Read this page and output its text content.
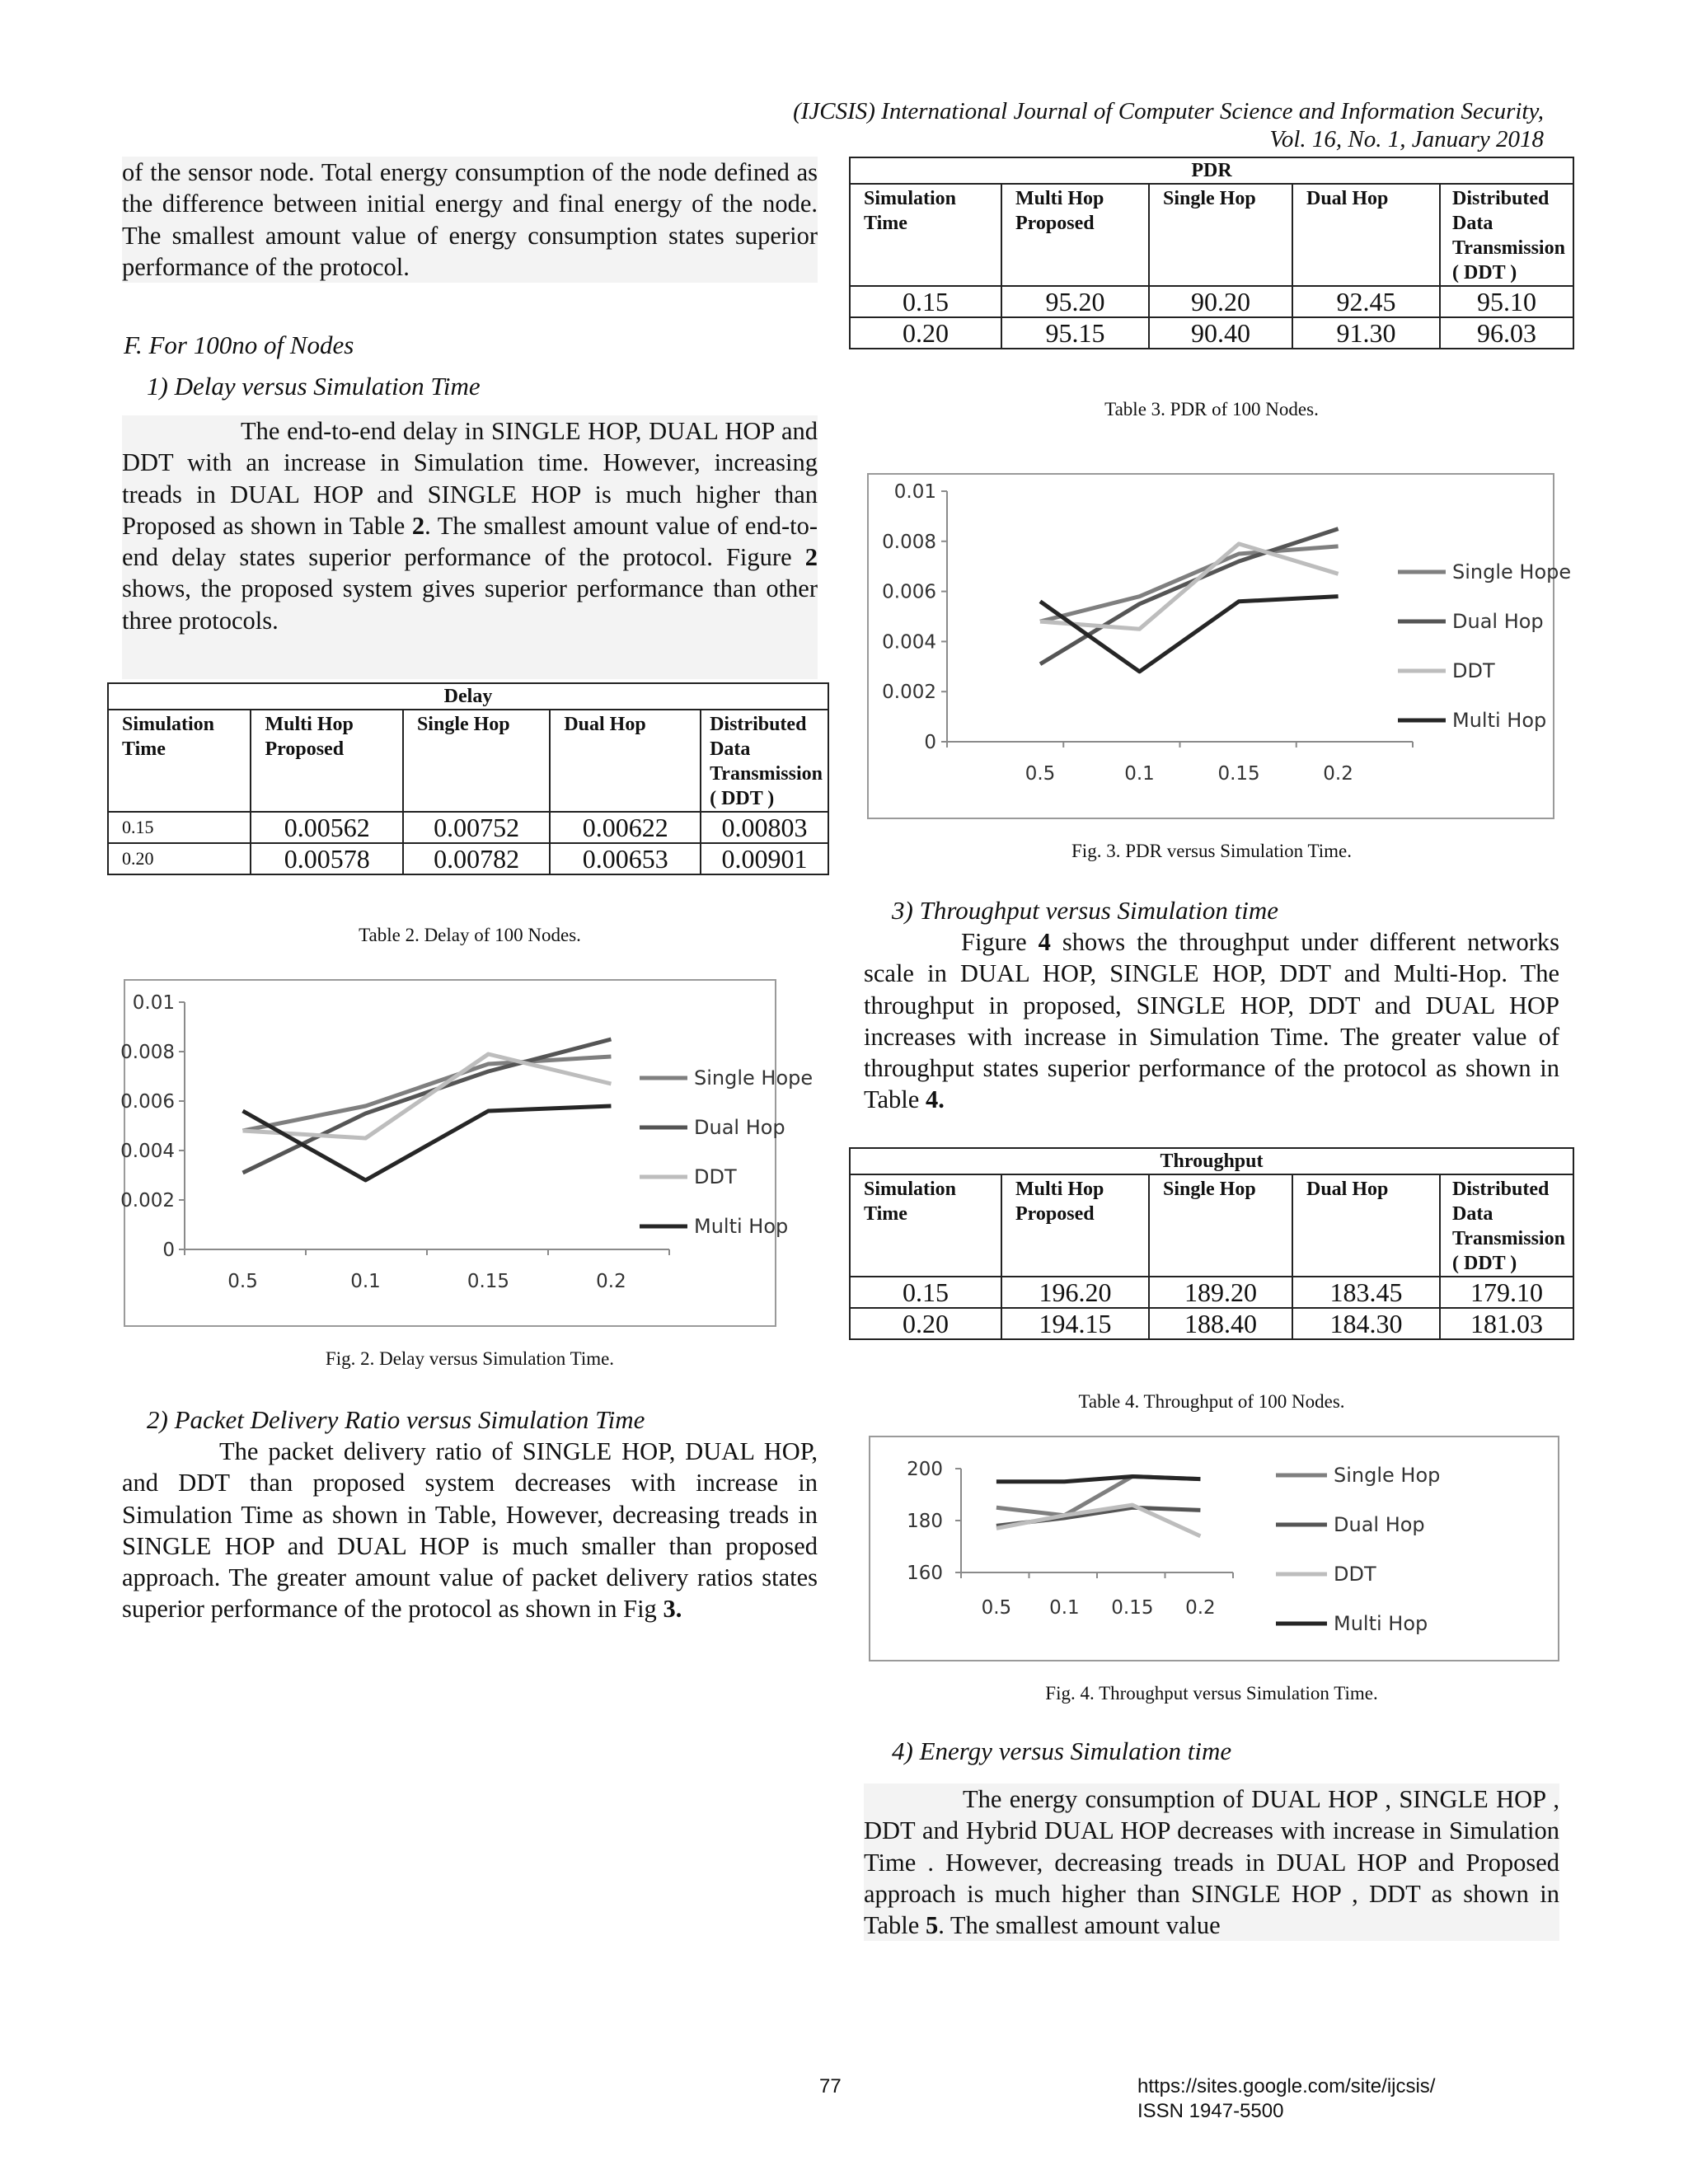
(IJCSIS) International Journal of Computer Science and Information Security,
Vol. 16, No. 1, January 2018
of the sensor node. Total energy consumption of the node defined as the difference between initial energy and final energy of the node. The smallest amount value of energy consumption states superior performance of the protocol.
F. For 100no of Nodes
1) Delay versus Simulation Time
The end-to-end delay in SINGLE HOP, DUAL HOP and DDT with an increase in Simulation time. However, increasing treads in DUAL HOP and SINGLE HOP is much higher than Proposed as shown in Table 2. The smallest amount value of end-to-end delay states superior performance of the protocol. Figure 2 shows, the proposed system gives superior performance than other three protocols.
Delay				
Simulation Time	Multi Hop Proposed	Single Hop	Dual Hop	Distributed Data Transmission ( DDT )
0.15	0.00562	0.00752	0.00622	0.00803
0.20	0.00578	0.00782	0.00653	0.00901
Table 2. Delay of 100 Nodes.
0
0.002
0.004
0.006
0.008
0.01
0.5	0.1	0.15	0.2
Single Hope
Dual Hop
DDT
Multi Hop
Fig. 2. Delay versus Simulation Time.
2) Packet Delivery Ratio versus Simulation Time
The packet delivery ratio of SINGLE HOP, DUAL HOP, and DDT than proposed system decreases with increase in Simulation Time as shown in Table, However, decreasing treads in SINGLE HOP and DUAL HOP is much smaller than proposed approach. The greater amount value of packet delivery ratios states superior performance of the protocol as shown in Fig 3.
PDR				
Simulation Time	Multi Hop Proposed	Single Hop	Dual Hop	Distributed Data Transmission ( DDT )
0.15	95.20	90.20	92.45	95.10
0.20	95.15	90.40	91.30	96.03
Table 3. PDR of 100 Nodes.
0
0.002
0.004
0.006
0.008
0.01
0.5	0.1	0.15	0.2
Single Hope
Dual Hop
DDT
Multi Hop
Fig. 3. PDR versus Simulation Time.
3) Throughput versus Simulation time
Figure 4 shows the throughput under different networks scale in DUAL HOP, SINGLE HOP, DDT and Multi-Hop. The throughput in proposed, SINGLE HOP, DDT and DUAL HOP increases with increase in Simulation Time. The greater value of throughput states superior performance of the protocol as shown in Table 4.
Throughput				
Simulation Time	Multi Hop Proposed	Single Hop	Dual Hop	Distributed Data Transmission ( DDT )
0.15	196.20	189.20	183.45	179.10
0.20	194.15	188.40	184.30	181.03
Table 4. Throughput of 100 Nodes.
160
180
200
0.5 0.1 0.15 0.2
Single Hop
Dual Hop
DDT
Multi Hop
Fig. 4. Throughput versus Simulation Time.
4) Energy versus Simulation time
The energy consumption of DUAL HOP , SINGLE HOP , DDT and Hybrid DUAL HOP decreases with increase in Simulation Time . However, decreasing treads in DUAL HOP and Proposed approach is much higher than SINGLE HOP , DDT as shown in Table 5. The smallest amount value
77	https://sites.google.com/site/ijcsis/
ISSN 1947-5500
